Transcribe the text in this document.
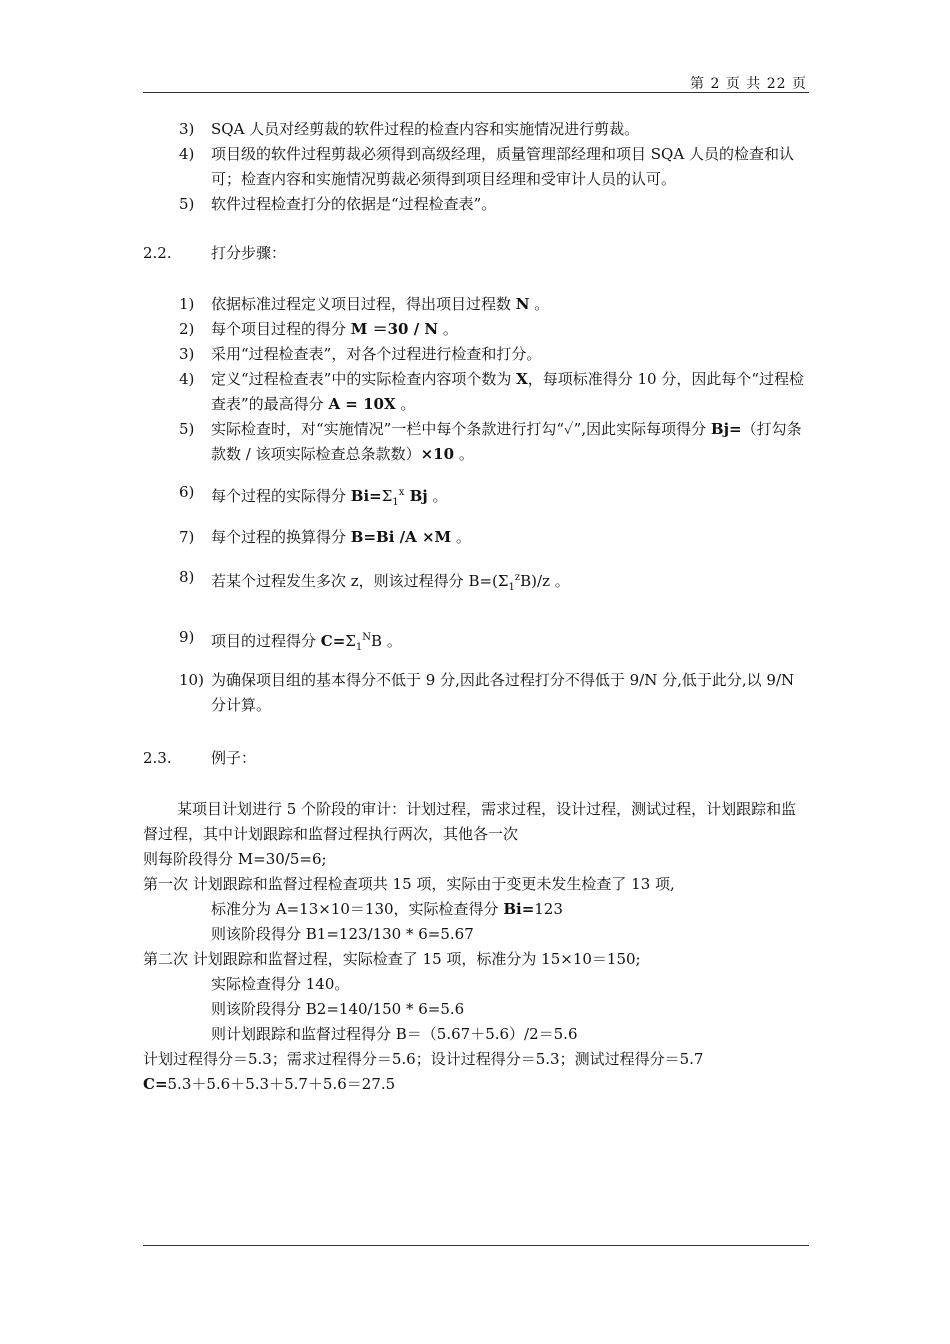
第 2 页 共 22 页
3)	SQA 人员对经剪裁的软件过程的检查内容和实施情况进行剪裁。
4)	项目级的软件过程剪裁必须得到高级经理，质量管理部经理和项目 SQA 人员的检查和认可；检查内容和实施情况剪裁必须得到项目经理和受审计人员的认可。
5)	软件过程检查打分的依据是“过程检查表”。
2.2.	打分步骤：
1)	依据标准过程定义项目过程，得出项目过程数 N 。
2)	每个项目过程的得分 M ＝30 / N 。
3)	采用“过程检查表”，对各个过程进行检查和打分。
4)	定义“过程检查表”中的实际检查内容项个数为 X，每项标准得分 10 分，因此每个“过程检查表”的最高得分 A = 10X 。
5)	实际检查时，对“实施情况”一栏中每个条款进行打勾“✓”,因此实际每项得分 Bj=（打勾条款数 / 该项实际检查总条款数）×10 。
6)	每个过程的实际得分 $Bi=\Sigma_1^x$ Bj 。
7)	每个过程的换算得分 B=Bi /A ×M 。
8)	若某个过程发生多次 z，则该过程得分 $B=(\Sigma_1^zB)/z$ 。
9)	项目的过程得分 $C=\Sigma_1^NB$ 。
10) 为确保项目组的基本得分不低于 9 分,因此各过程打分不得低于 9/N 分,低于此分,以 9/N 分计算。
2.3.	例子：
某项目计划进行 5 个阶段的审计：计划过程，需求过程，设计过程，测试过程，计划跟踪和监督过程，其中计划跟踪和监督过程执行两次，其他各一次
则每阶段得分 M=30/5=6;
第一次 计划跟踪和监督过程检查项共 15 项，实际由于变更未发生检查了 13 项,
标准分为 A=13×10＝130，实际检查得分 Bi=123
则该阶段得分 B1=123/130 * 6=5.67
第二次 计划跟踪和监督过程，实际检查了 15 项，标准分为 15×10＝150;
实际检查得分 140。
则该阶段得分 B2=140/150 * 6=5.6
则计划跟踪和监督过程得分 B＝（5.67＋5.6）/2＝5.6
计划过程得分＝5.3；需求过程得分＝5.6；设计过程得分＝5.3；测试过程得分＝5.7
C=5.3＋5.6＋5.3＋5.7＋5.6＝27.5
